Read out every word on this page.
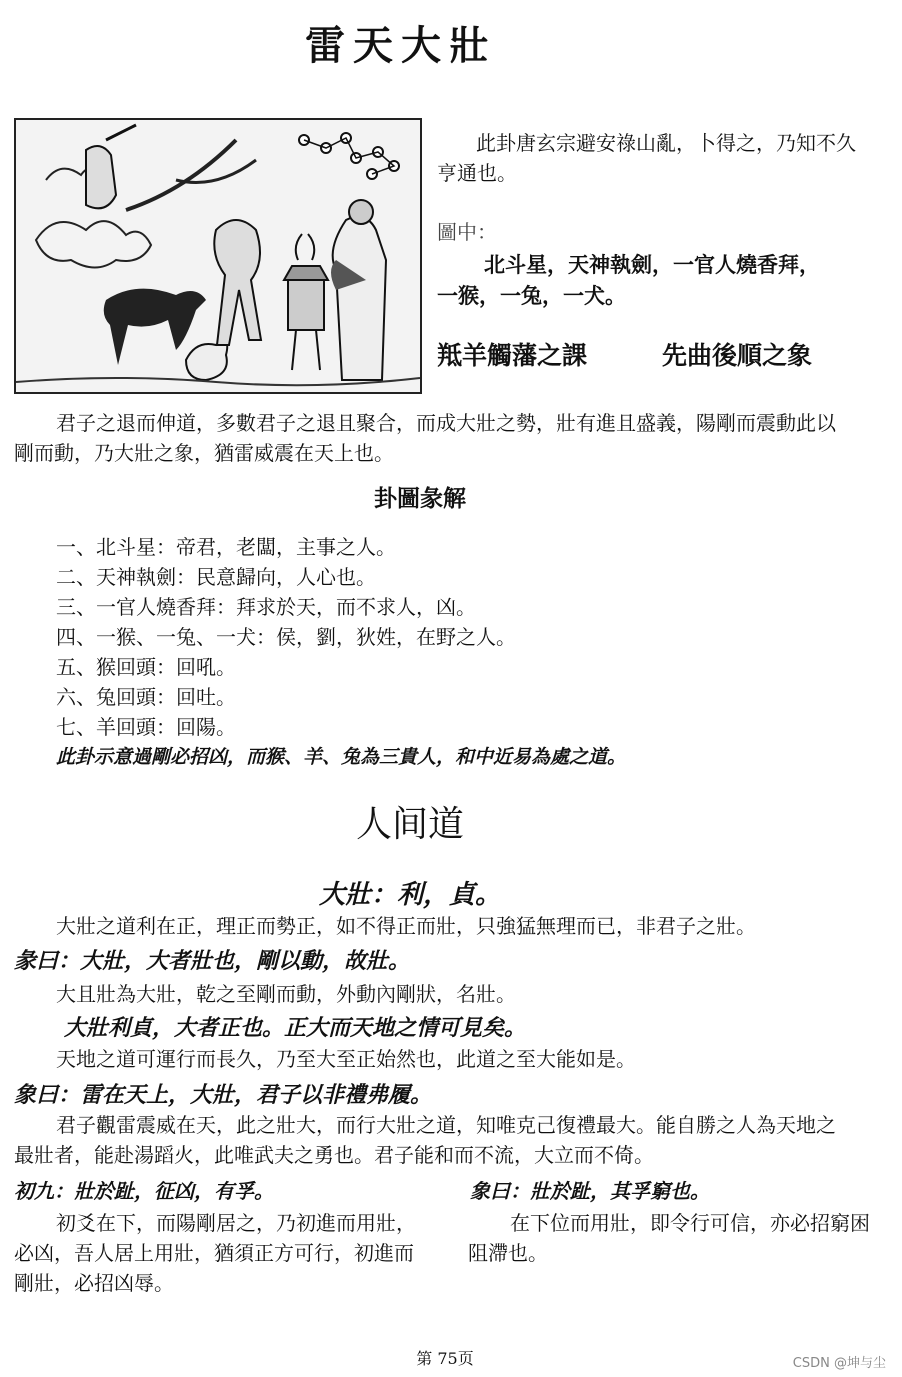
雷天大壯
此卦唐玄宗避安祿山亂，卜得之，乃知不久
亨通也。
圖中：
北斗星，天神執劍，一官人燒香拜，
一猴，一兔，一犬。
羝羊觸藩之課	先曲後順之象
君子之退而伸道，多數君子之退且聚合，而成大壯之勢，壯有進且盛義，陽剛而震動此以
剛而動，乃大壯之象，猶雷威震在天上也。
卦圖彖解
一、北斗星：帝君，老闆，主事之人。
二、天神執劍：民意歸向，人心也。
三、一官人燒香拜：拜求於天，而不求人，凶。
四、一猴、一兔、一犬：侯，劉，狄姓，在野之人。
五、猴回頭：回吼。
六、兔回頭：回吐。
七、羊回頭：回陽。
此卦示意過剛必招凶，而猴、羊、兔為三貴人，和中近易為處之道。
人间道
大壯：利，貞。
大壯之道利在正，理正而勢正，如不得正而壯，只強猛無理而已，非君子之壯。
彖曰：大壯，大者壯也，剛以動，故壯。
大且壯為大壯，乾之至剛而動，外動內剛狀，名壯。
大壯利貞，大者正也。正大而天地之情可見矣。
天地之道可運行而長久，乃至大至正始然也，此道之至大能如是。
象曰：雷在天上，大壯，君子以非禮弗履。
君子觀雷震威在天，此之壯大，而行大壯之道，知唯克己復禮最大。能自勝之人為天地之
最壯者，能赴湯蹈火，此唯武夫之勇也。君子能和而不流，大立而不倚。
初九：壯於趾，征凶，有孚。	象曰：壯於趾，其孚窮也。
初爻在下，而陽剛居之，乃初進而用壯，
必凶，吾人居上用壯，猶須正方可行，初進而
剛壯，必招凶辱。
在下位而用壯，即令行可信，亦必招窮困
阻滯也。
第 75页	CSDN @坤与尘
